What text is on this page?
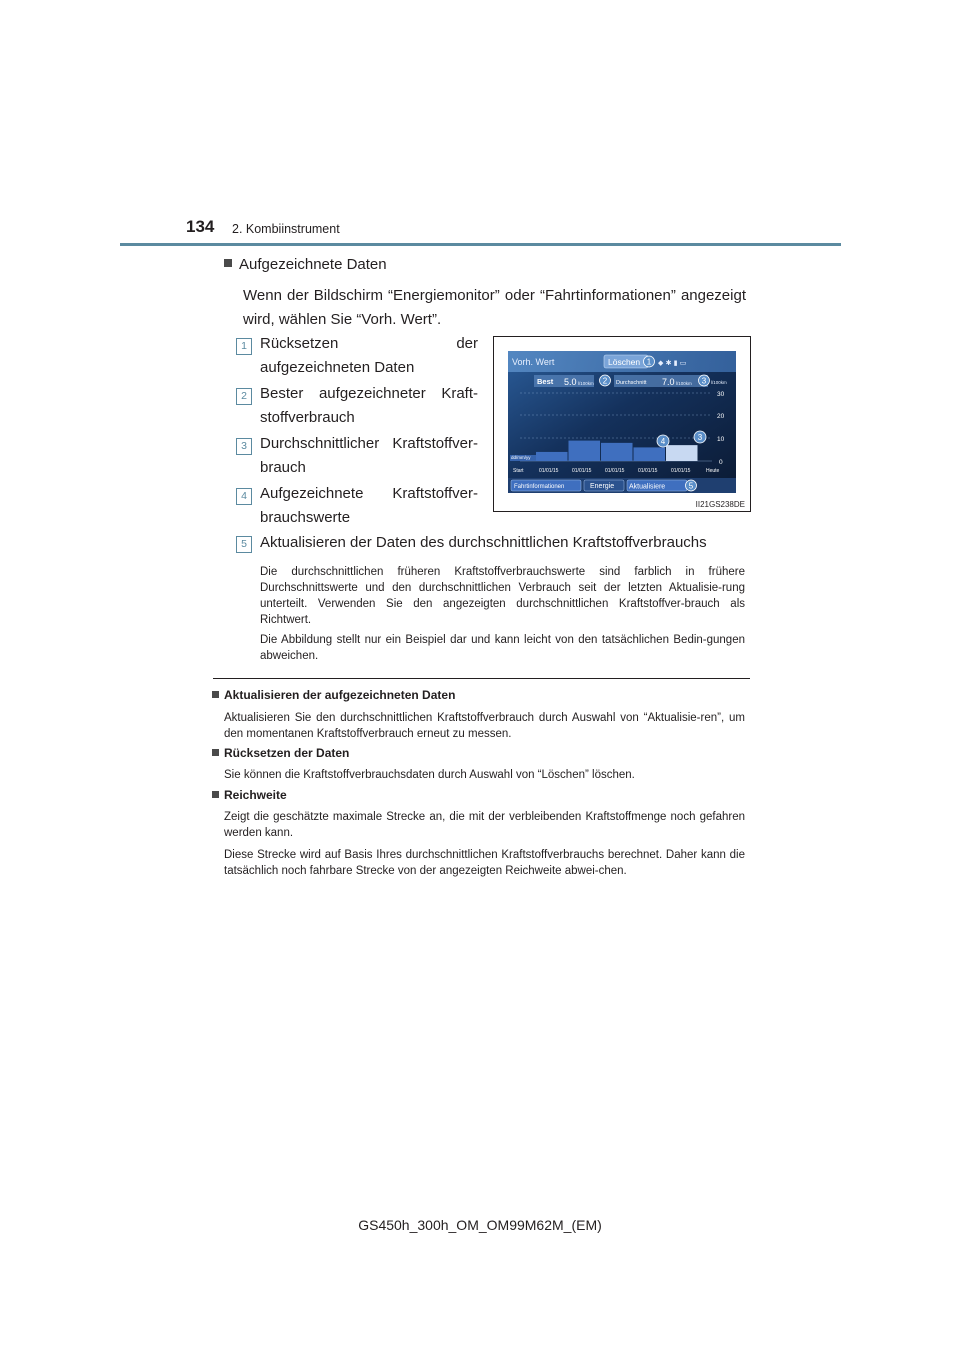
134 2. Kombiinstrument
Aufgezeichnete Daten
Wenn der Bildschirm “Energiemonitor” oder “Fahrtinformationen” angezeigt wird, wählen Sie “Vorh. Wert”.
1 Rücksetzen der aufgezeichneten Daten
2 Bester aufgezeichneter Kraft-stoffverbrauch
3 Durchschnittlicher Kraftstoffver-brauch
4 Aufgezeichnete Kraftstoffver-brauchswerte
5 Aktualisieren der Daten des durchschnittlichen Kraftstoffverbrauchs
Die durchschnittlichen früheren Kraftstoffverbrauchswerte sind farblich in frühere Durchschnittswerte und den durchschnittlichen Verbrauch seit der letzten Aktualisie-rung unterteilt. Verwenden Sie den angezeigten durchschnittlichen Kraftstoffver-brauch als Richtwert.
Die Abbildung stellt nur ein Beispiel dar und kann leicht von den tatsächlichen Bedin-gungen abweichen.
Vorh. Wert	Löschen 1 ◆ ✱ ▮ ▭
Best 5.0 l/100km 2 Durchschnitt 7.0 l/100km 3 l/100km
30
20
10
0
dd/mm/yy
4	3
Start	01/01/15	01/01/15	01/01/15	01/01/15	01/01/15	Heute
Fahrtinformationen	Energie Aktualisiere	5
II21GS238DE
Aktualisieren der aufgezeichneten Daten
Aktualisieren Sie den durchschnittlichen Kraftstoffverbrauch durch Auswahl von “Aktualisie-ren”, um den momentanen Kraftstoffverbrauch erneut zu messen.
Rücksetzen der Daten
Sie können die Kraftstoffverbrauchsdaten durch Auswahl von “Löschen” löschen.
Reichweite
Zeigt die geschätzte maximale Strecke an, die mit der verbleibenden Kraftstoffmenge noch gefahren werden kann.
Diese Strecke wird auf Basis Ihres durchschnittlichen Kraftstoffverbrauchs berechnet. Daher kann die tatsächlich noch fahrbare Strecke von der angezeigten Reichweite abwei-chen.
GS450h_300h_OM_OM99M62M_(EM)
